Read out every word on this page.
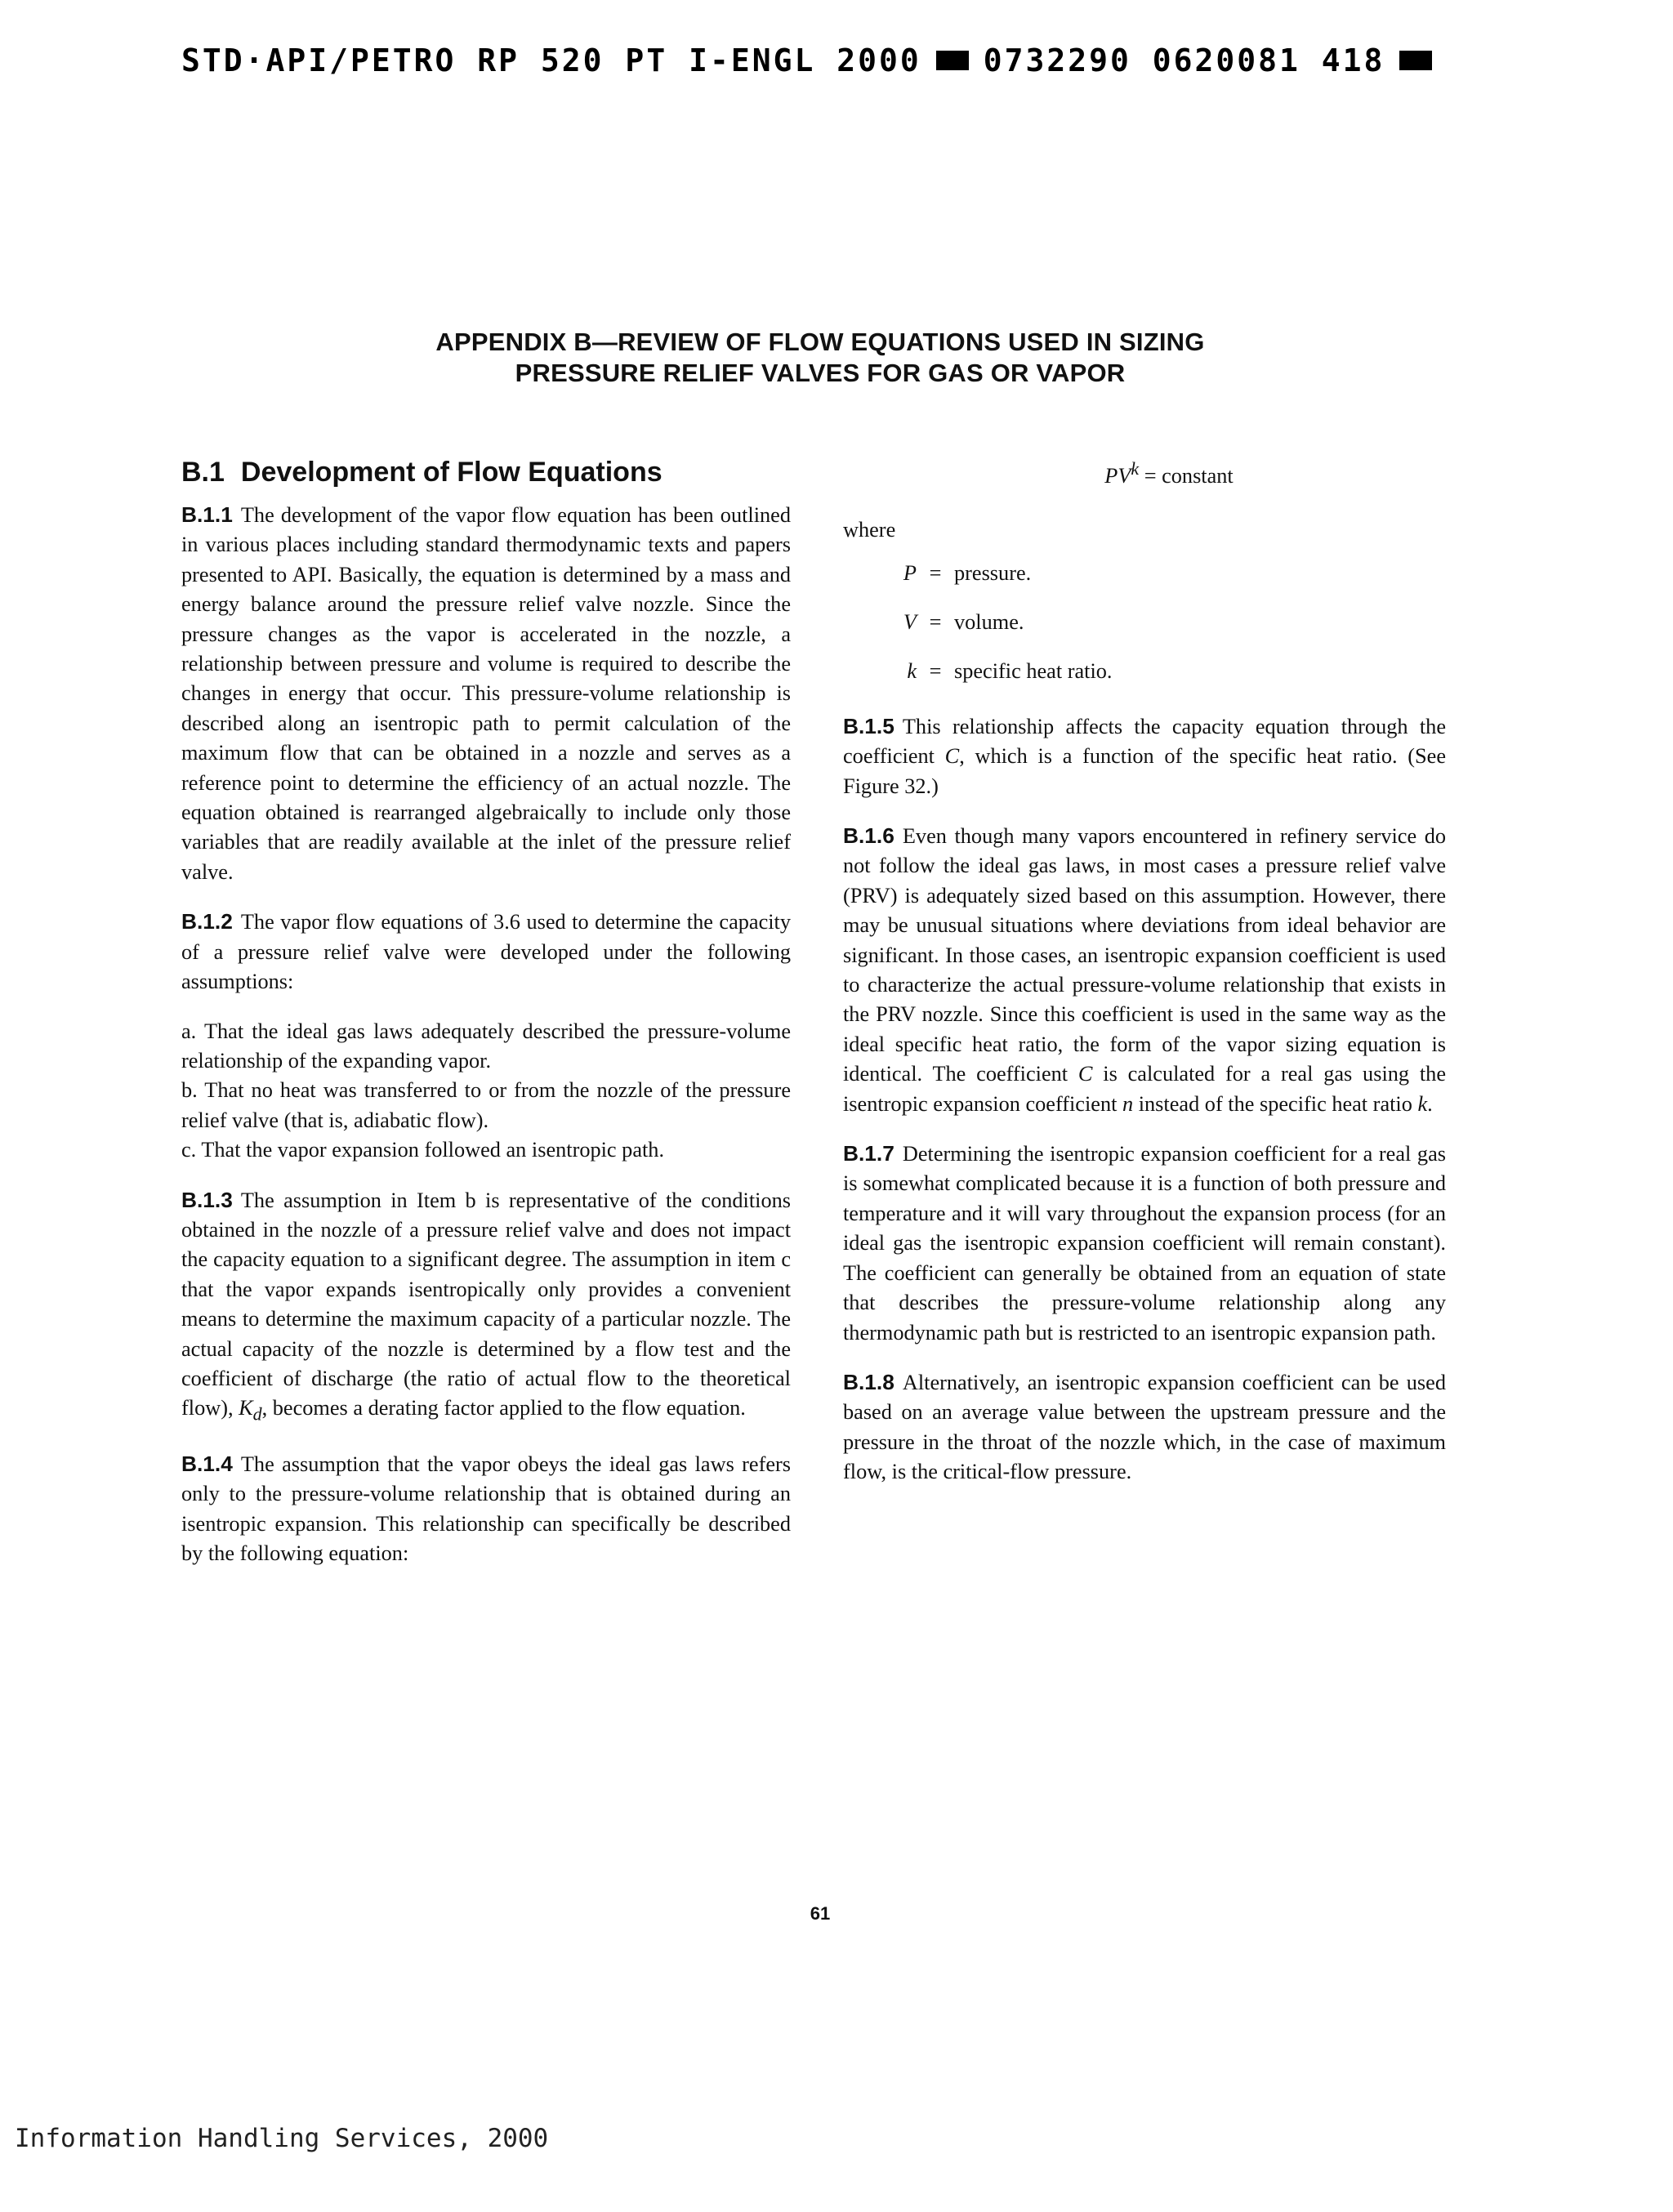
STD·API/PETRO RP 520 PT I-ENGL 2000 0732290 0620081 418
APPENDIX B—REVIEW OF FLOW EQUATIONS USED IN SIZING
PRESSURE RELIEF VALVES FOR GAS OR VAPOR
B.1 Development of Flow Equations

B.1.1 The development of the vapor flow equation has been outlined in various places including standard thermodynamic texts and papers presented to API. Basically, the equation is determined by a mass and energy balance around the pressure relief valve nozzle. Since the pressure changes as the vapor is accelerated in the nozzle, a relationship between pressure and volume is required to describe the changes in energy that occur. This pressure-volume relationship is described along an isentropic path to permit calculation of the maximum flow that can be obtained in a nozzle and serves as a reference point to determine the efficiency of an actual nozzle. The equation obtained is rearranged algebraically to include only those variables that are readily available at the inlet of the pressure relief valve.

B.1.2 The vapor flow equations of 3.6 used to determine the capacity of a pressure relief valve were developed under the following assumptions:

a. That the ideal gas laws adequately described the pressure-volume relationship of the expanding vapor.
b. That no heat was transferred to or from the nozzle of the pressure relief valve (that is, adiabatic flow).
c. That the vapor expansion followed an isentropic path.

B.1.3 The assumption in Item b is representative of the conditions obtained in the nozzle of a pressure relief valve and does not impact the capacity equation to a significant degree. The assumption in item c that the vapor expands isentropically only provides a convenient means to determine the maximum capacity of a particular nozzle. The actual capacity of the nozzle is determined by a flow test and the coefficient of discharge (the ratio of actual flow to the theoretical flow), $K_d$, becomes a derating factor applied to the flow equation.

B.1.4 The assumption that the vapor obeys the ideal gas laws refers only to the pressure-volume relationship that is obtained during an isentropic expansion. This relationship can specifically be described by the following equation:

$PV^k$ = constant
where
P = pressure.
V = volume.
k = specific heat ratio.

B.1.5 This relationship affects the capacity equation through the coefficient C, which is a function of the specific heat ratio. (See Figure 32.)

B.1.6 Even though many vapors encountered in refinery service do not follow the ideal gas laws, in most cases a pressure relief valve (PRV) is adequately sized based on this assumption. However, there may be unusual situations where deviations from ideal behavior are significant. In those cases, an isentropic expansion coefficient is used to characterize the actual pressure-volume relationship that exists in the PRV nozzle. Since this coefficient is used in the same way as the ideal specific heat ratio, the form of the vapor sizing equation is identical. The coefficient C is calculated for a real gas using the isentropic expansion coefficient n instead of the specific heat ratio k.

B.1.7 Determining the isentropic expansion coefficient for a real gas is somewhat complicated because it is a function of both pressure and temperature and it will vary throughout the expansion process (for an ideal gas the isentropic expansion coefficient will remain constant). The coefficient can generally be obtained from an equation of state that describes the pressure-volume relationship along any thermodynamic path but is restricted to an isentropic expansion path.

B.1.8 Alternatively, an isentropic expansion coefficient can be used based on an average value between the upstream pressure and the pressure in the throat of the nozzle which, in the case of maximum flow, is the critical-flow pressure.

61
Information Handling Services, 2000
